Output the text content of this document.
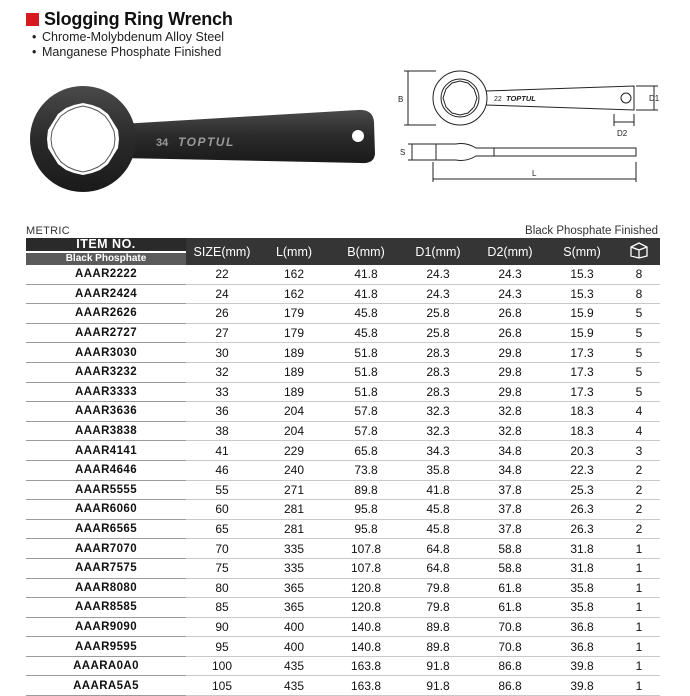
Slogging Ring Wrench
• Chrome-Molybdenum Alloy Steel
• Manganese Phosphate Finished
34 TOPTUL
22 TOPTUL
B	D1
D2
S
L
METRIC	Black Phosphate Finished
ITEM NO.
Black Phosphate	SIZE(mm)	L(mm)	B(mm)	D1(mm)	D2(mm)	S(mm)	
AAAR2222	22	162	41.8	24.3	24.3	15.3	8
AAAR2424	24	162	41.8	24.3	24.3	15.3	8
AAAR2626	26	179	45.8	25.8	26.8	15.9	5
AAAR2727	27	179	45.8	25.8	26.8	15.9	5
AAAR3030	30	189	51.8	28.3	29.8	17.3	5
AAAR3232	32	189	51.8	28.3	29.8	17.3	5
AAAR3333	33	189	51.8	28.3	29.8	17.3	5
AAAR3636	36	204	57.8	32.3	32.8	18.3	4
AAAR3838	38	204	57.8	32.3	32.8	18.3	4
AAAR4141	41	229	65.8	34.3	34.8	20.3	3
AAAR4646	46	240	73.8	35.8	34.8	22.3	2
AAAR5555	55	271	89.8	41.8	37.8	25.3	2
AAAR6060	60	281	95.8	45.8	37.8	26.3	2
AAAR6565	65	281	95.8	45.8	37.8	26.3	2
AAAR7070	70	335	107.8	64.8	58.8	31.8	1
AAAR7575	75	335	107.8	64.8	58.8	31.8	1
AAAR8080	80	365	120.8	79.8	61.8	35.8	1
AAAR8585	85	365	120.8	79.8	61.8	35.8	1
AAAR9090	90	400	140.8	89.8	70.8	36.8	1
AAAR9595	95	400	140.8	89.8	70.8	36.8	1
AAARA0A0	100	435	163.8	91.8	86.8	39.8	1
AAARA5A5	105	435	163.8	91.8	86.8	39.8	1
